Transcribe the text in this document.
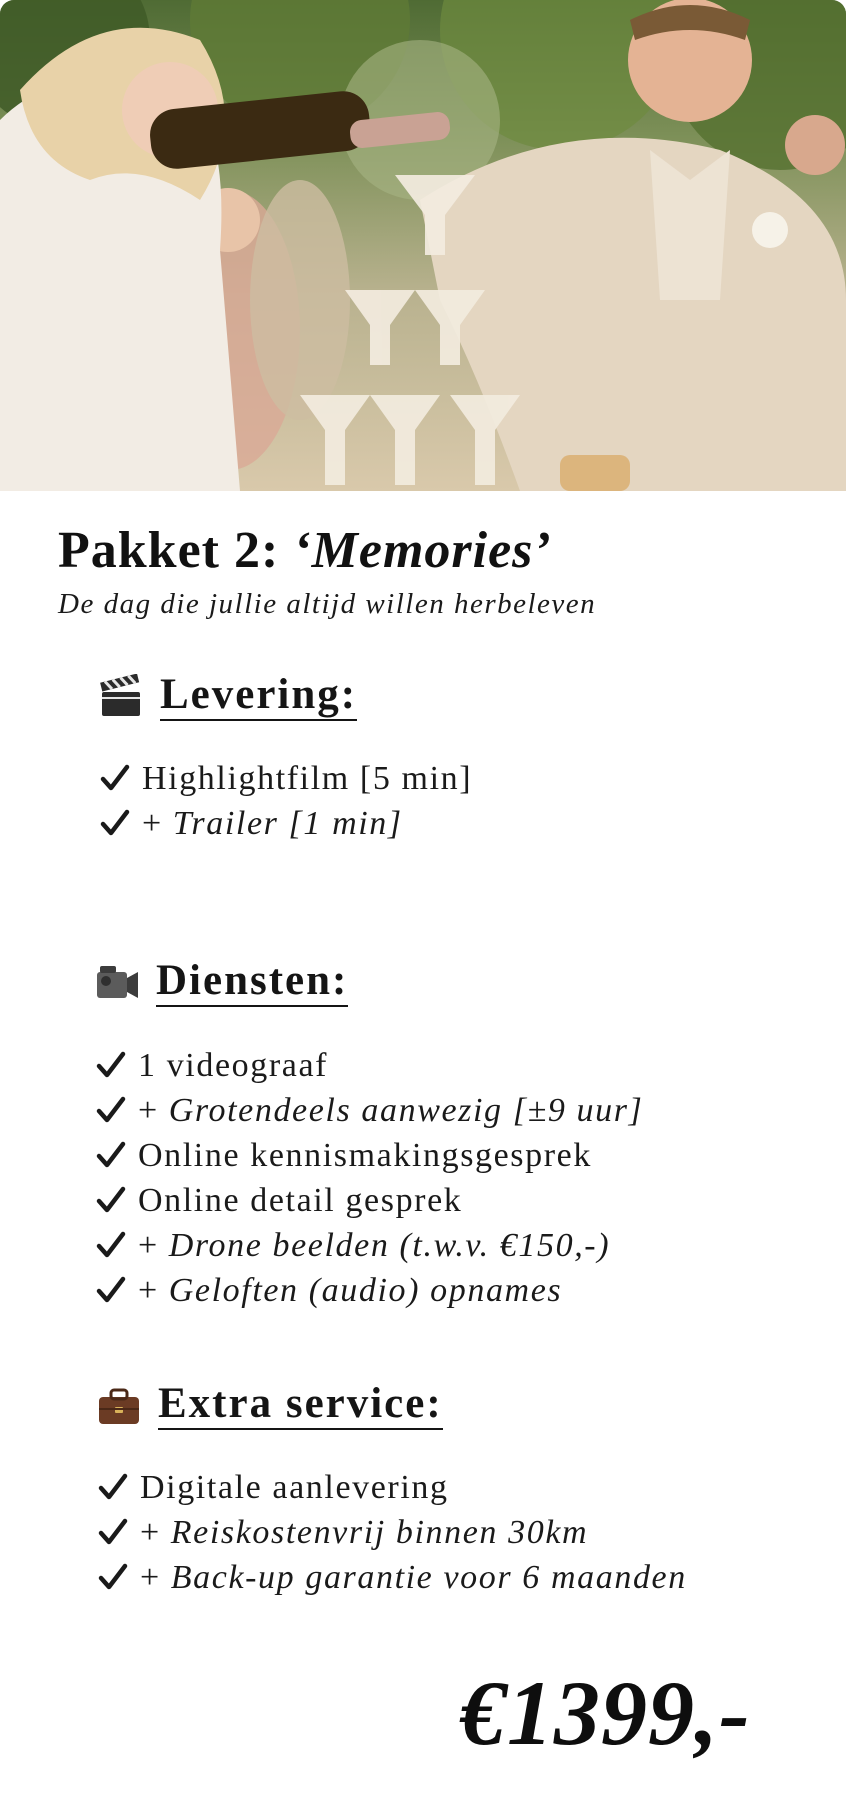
Pakket 2: ‘Memories’

De dag die jullie altijd willen herbeleven

Levering:
Highlightfilm [5 min]
+ Trailer [1 min]
Diensten:
1 videograaf
+ Grotendeels aanwezig [±9 uur]
Online kennismakingsgesprek
Online detail gesprek
+ Drone beelden (t.w.v. €150,-)
+ Geloften (audio) opnames
Extra service:
Digitale aanlevering
+ Reiskostenvrij binnen 30km
+ Back-up garantie voor 6 maanden

€1399,-
